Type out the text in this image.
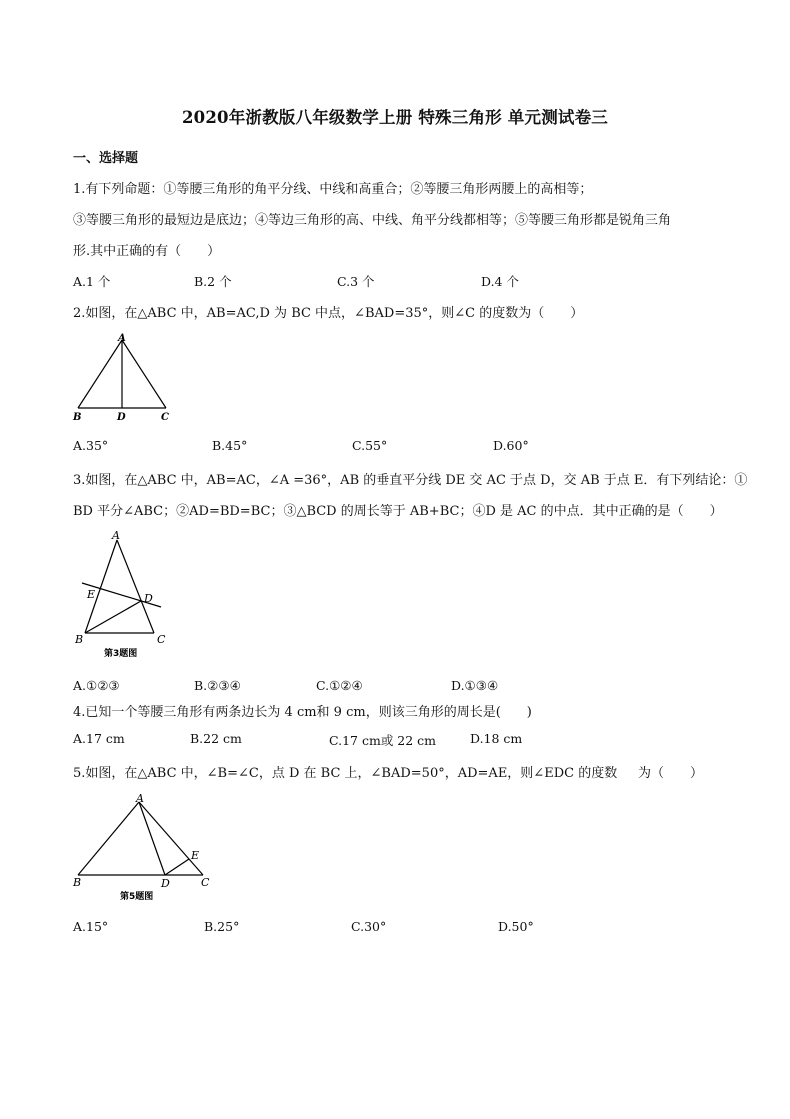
2020年浙教版八年级数学上册 特殊三角形 单元测试卷三
一、选择题
1.有下列命题：①等腰三角形的角平分线、中线和高重合；②等腰三角形两腰上的高相等；
③等腰三角形的最短边是底边；④等边三角形的高、中线、角平分线都相等；⑤等腰三角形都是锐角三角
形.其中正确的有（　　）
A.1 个	B.2 个	C.3 个	D.4 个
2.如图，在△ABC 中，AB=AC,D 为 BC 中点，∠BAD=35°，则∠C 的度数为（　　）
A
B	D	C
A.35°	B.45°	C.55°	D.60°
3.如图，在△ABC 中，AB=AC，∠A =36°，AB 的垂直平分线 DE 交 AC 于点 D，交 AB 于点 E．有下列结论：①
BD 平分∠ABC；②AD=BD=BC；③△BCD 的周长等于 AB+BC；④D 是 AC 的中点．其中正确的是（　　）
A
E	D
B	C
第3题图
A.①②③	B.②③④	C.①②④	D.①③④
4.已知一个等腰三角形有两条边长为 4 cm和 9 cm，则该三角形的周长是(　　)
A.17 cm	B.22 cm	C.17 cm或 22 cm	D.18 cm
5.如图，在△ABC 中，∠B=∠C，点 D 在 BC 上，∠BAD=50°，AD=AE，则∠EDC 的度数 为（　　）
A
E
B	D	C
第5题图
A.15°	B.25°	C.30°	D.50°
